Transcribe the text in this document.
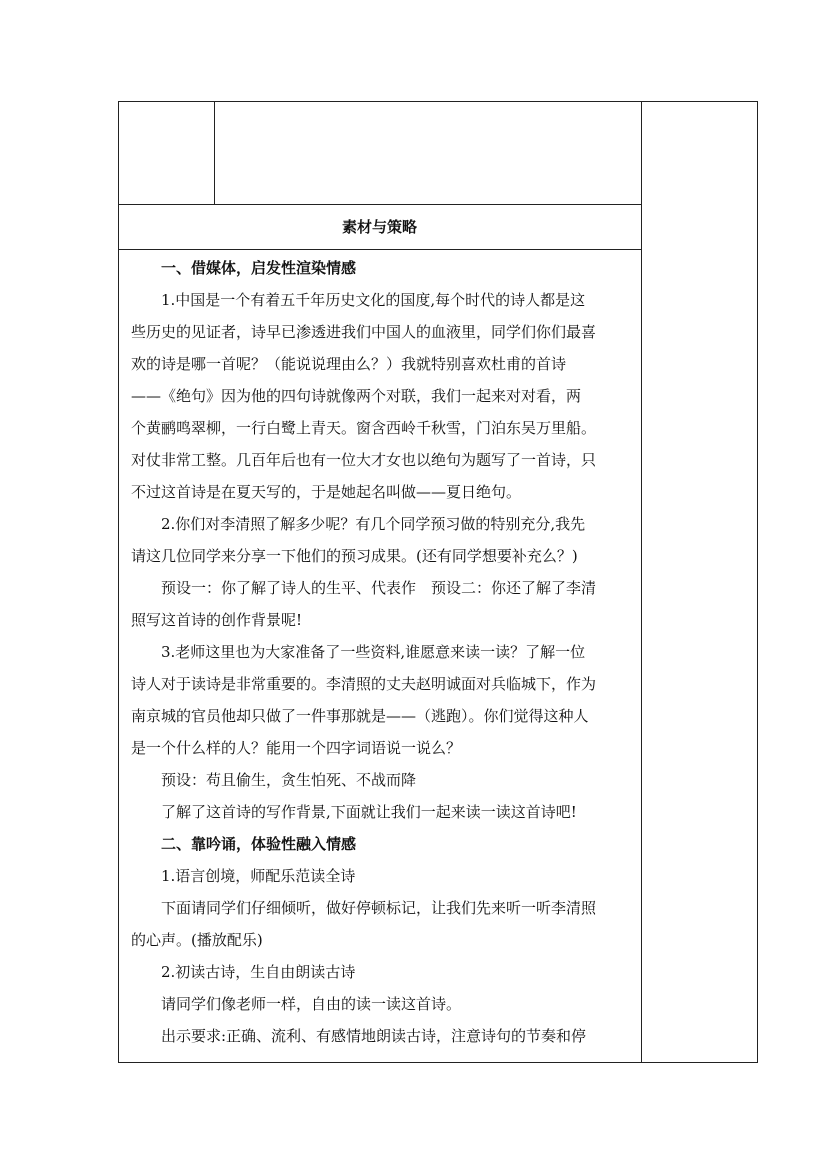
素材与策略
一、借媒体，启发性渲染情感
1.中国是一个有着五千年历史文化的国度,每个时代的诗人都是这
些历史的见证者，诗早已渗透进我们中国人的血液里，同学们你们最喜
欢的诗是哪一首呢？（能说说理由么？）我就特别喜欢杜甫的首诗
——《绝句》因为他的四句诗就像两个对联，我们一起来对对看，两
个黄鹂鸣翠柳，一行白鹭上青天。窗含西岭千秋雪，门泊东吴万里船。
对仗非常工整。几百年后也有一位大才女也以绝句为题写了一首诗，只
不过这首诗是在夏天写的，于是她起名叫做——夏日绝句。
2.你们对李清照了解多少呢？有几个同学预习做的特别充分,我先
请这几位同学来分享一下他们的预习成果。(还有同学想要补充么？)
预设一：你了解了诗人的生平、代表作　预设二：你还了解了李清
照写这首诗的创作背景呢!
3.老师这里也为大家准备了一些资料,谁愿意来读一读？了解一位
诗人对于读诗是非常重要的。李清照的丈夫赵明诚面对兵临城下，作为
南京城的官员他却只做了一件事那就是——（逃跑）。你们觉得这种人
是一个什么样的人？能用一个四字词语说一说么？
预设：苟且偷生，贪生怕死、不战而降
了解了这首诗的写作背景,下面就让我们一起来读一读这首诗吧!
二、靠吟诵，体验性融入情感
1.语言创境，师配乐范读全诗
下面请同学们仔细倾听，做好停顿标记，让我们先来听一听李清照
的心声。(播放配乐)
2.初读古诗，生自由朗读古诗
请同学们像老师一样，自由的读一读这首诗。
出示要求:正确、流利、有感情地朗读古诗，注意诗句的节奏和停
